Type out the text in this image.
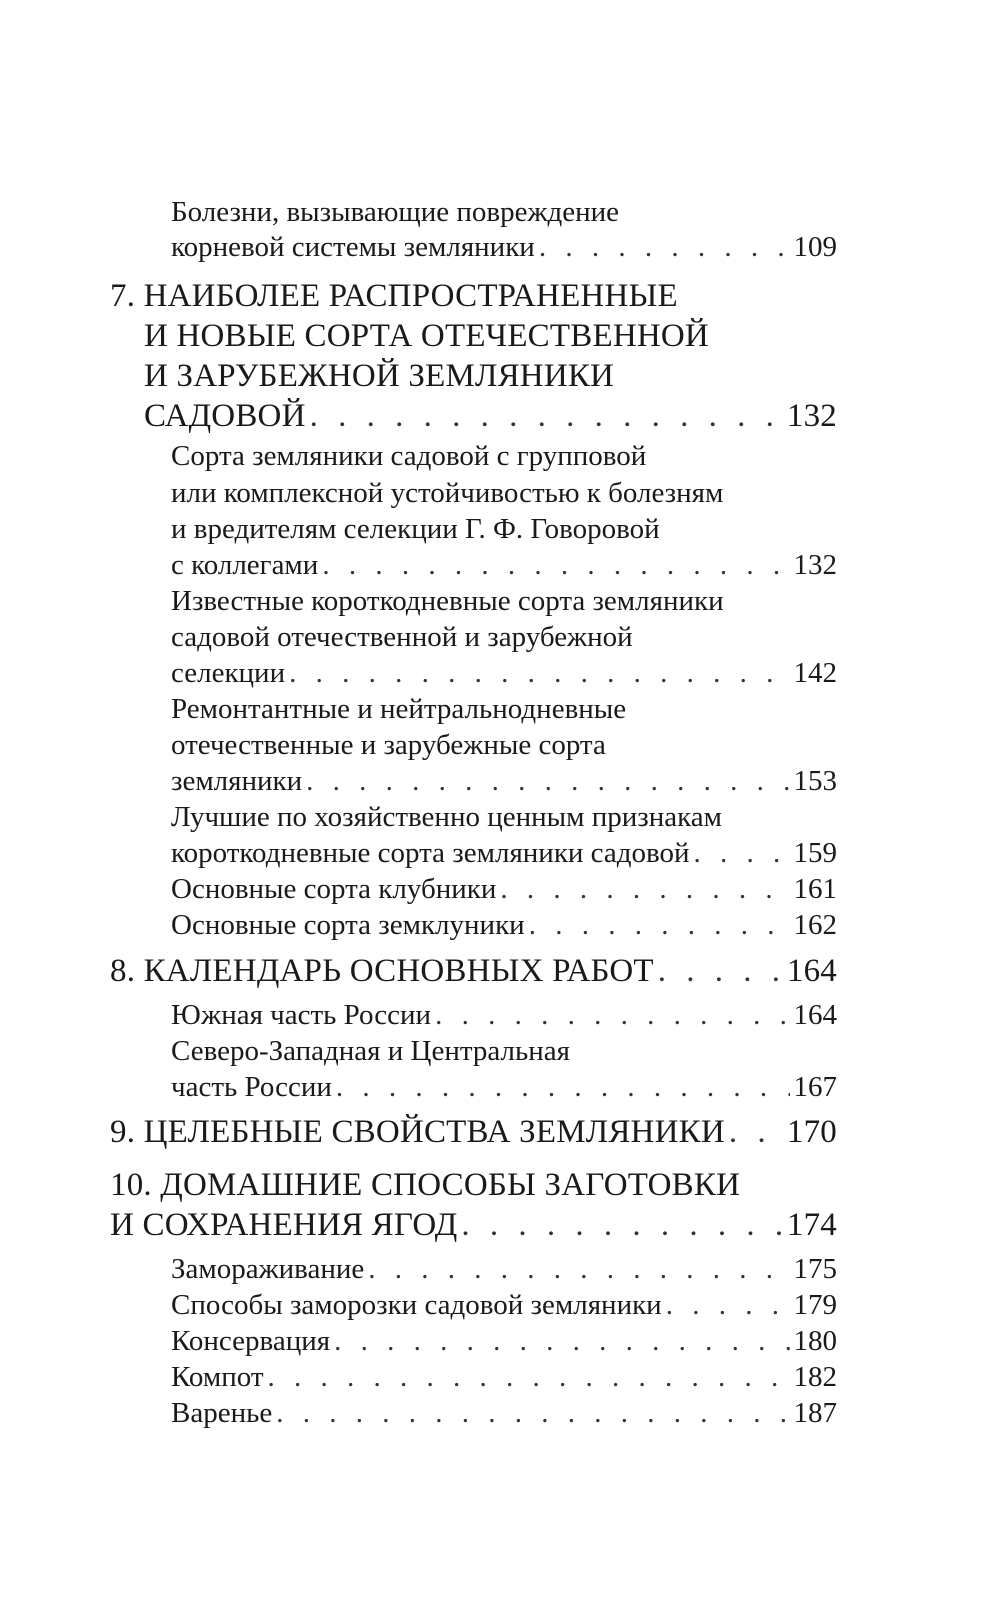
Болезни, вызывающие повреждение
корневой системы земляники . . .	109
7. НАИБОЛЕЕ РАСПРОСТРАНЕННЫЕ
И НОВЫЕ СОРТА ОТЕЧЕСТВЕННОЙ
И ЗАРУБЕЖНОЙ ЗЕМЛЯНИКИ
САДОВОЙ . . .	132
Сорта земляники садовой с групповой
или комплексной устойчивостью к болезням
и вредителям селекции Г. Ф. Говоровой
с коллегами . . .	132
Известные короткодневные сорта земляники
садовой отечественной и зарубежной
селекции . . .	142
Ремонтантные и нейтральнодневные
отечественные и зарубежные сорта
земляники . . .	153
Лучшие по хозяйственно ценным признакам
короткодневные сорта земляники садовой . . .	159
Основные сорта клубники . . .	161
Основные сорта земклуники . . .	162
8. КАЛЕНДАРЬ ОСНОВНЫХ РАБОТ . . .	164
Южная часть России . . .	164
Северо-Западная и Центральная
часть России . . .	167
9. ЦЕЛЕБНЫЕ СВОЙСТВА ЗЕМЛЯНИКИ . . . 170
10. ДОМАШНИЕ СПОСОБЫ ЗАГОТОВКИ
И СОХРАНЕНИЯ ЯГОД . . .	174
Замораживание . . .	175
Способы заморозки садовой земляники . . .	179
Консервация . . .	180
Компот . . .	182
Варенье . . .	187
